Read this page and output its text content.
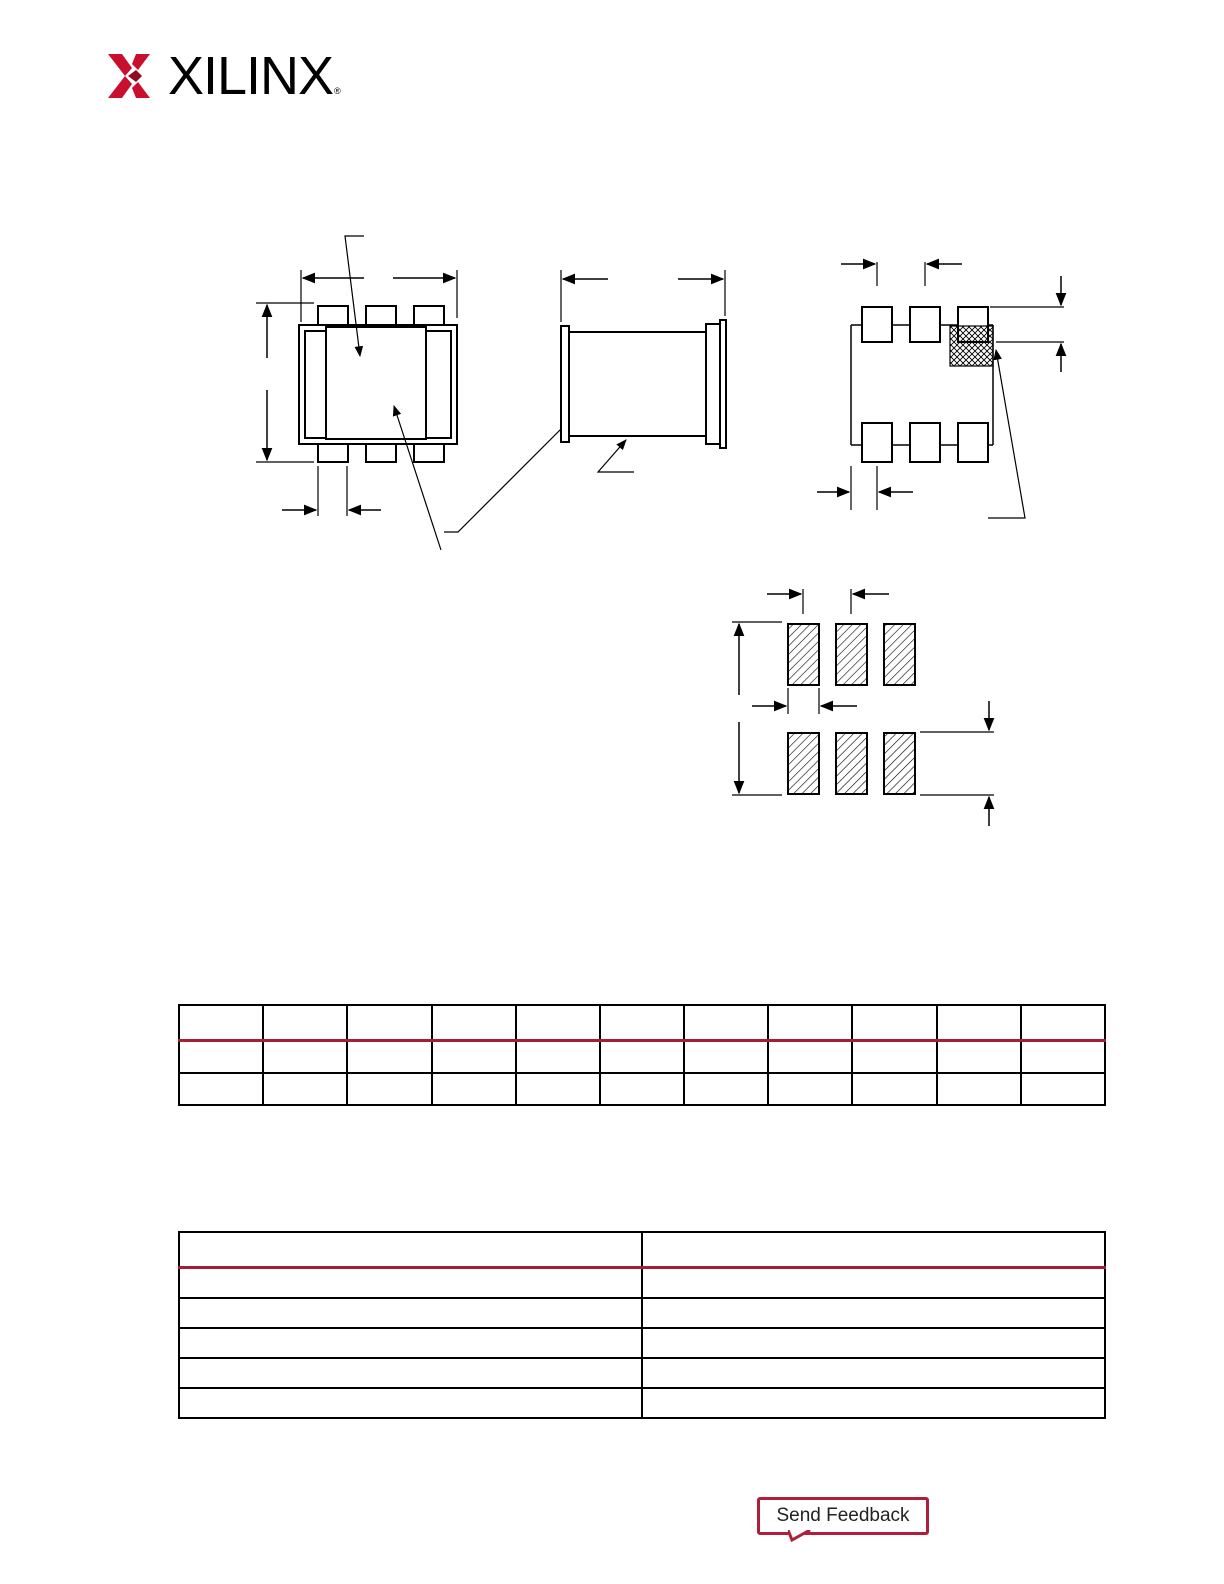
XILINX ®

Send Feedback
